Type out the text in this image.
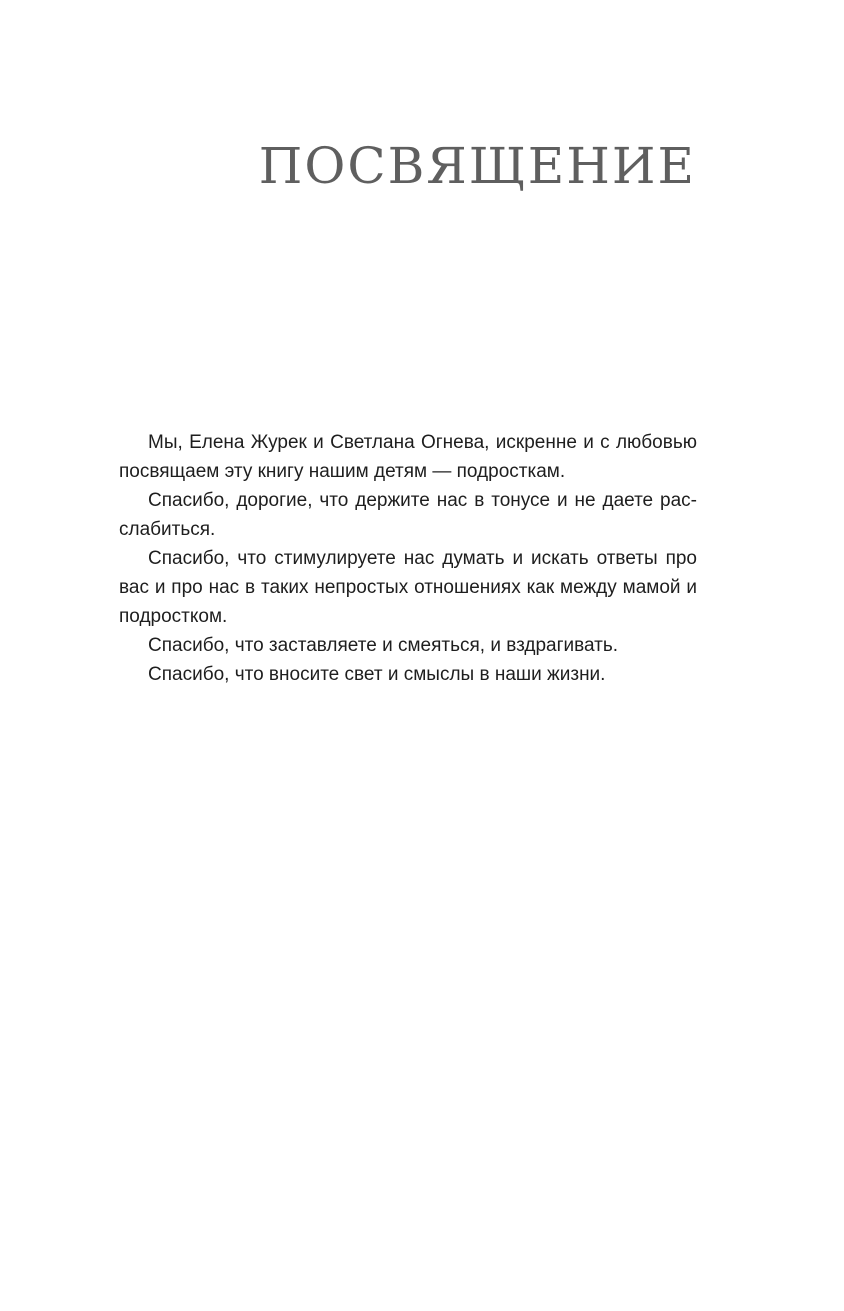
ПОСВЯЩЕНИЕ

Мы, Елена Журек и Светлана Огнева, искренне и с любовью посвящаем эту книгу нашим детям — подросткам.

Спасибо, дорогие, что держите нас в тонусе и не даете расслабиться.

Спасибо, что стимулируете нас думать и искать ответы про вас и про нас в таких непростых отношениях как между мамой и подростком.

Спасибо, что заставляете и смеяться, и вздрагивать.

Спасибо, что вносите свет и смыслы в наши жизни.
